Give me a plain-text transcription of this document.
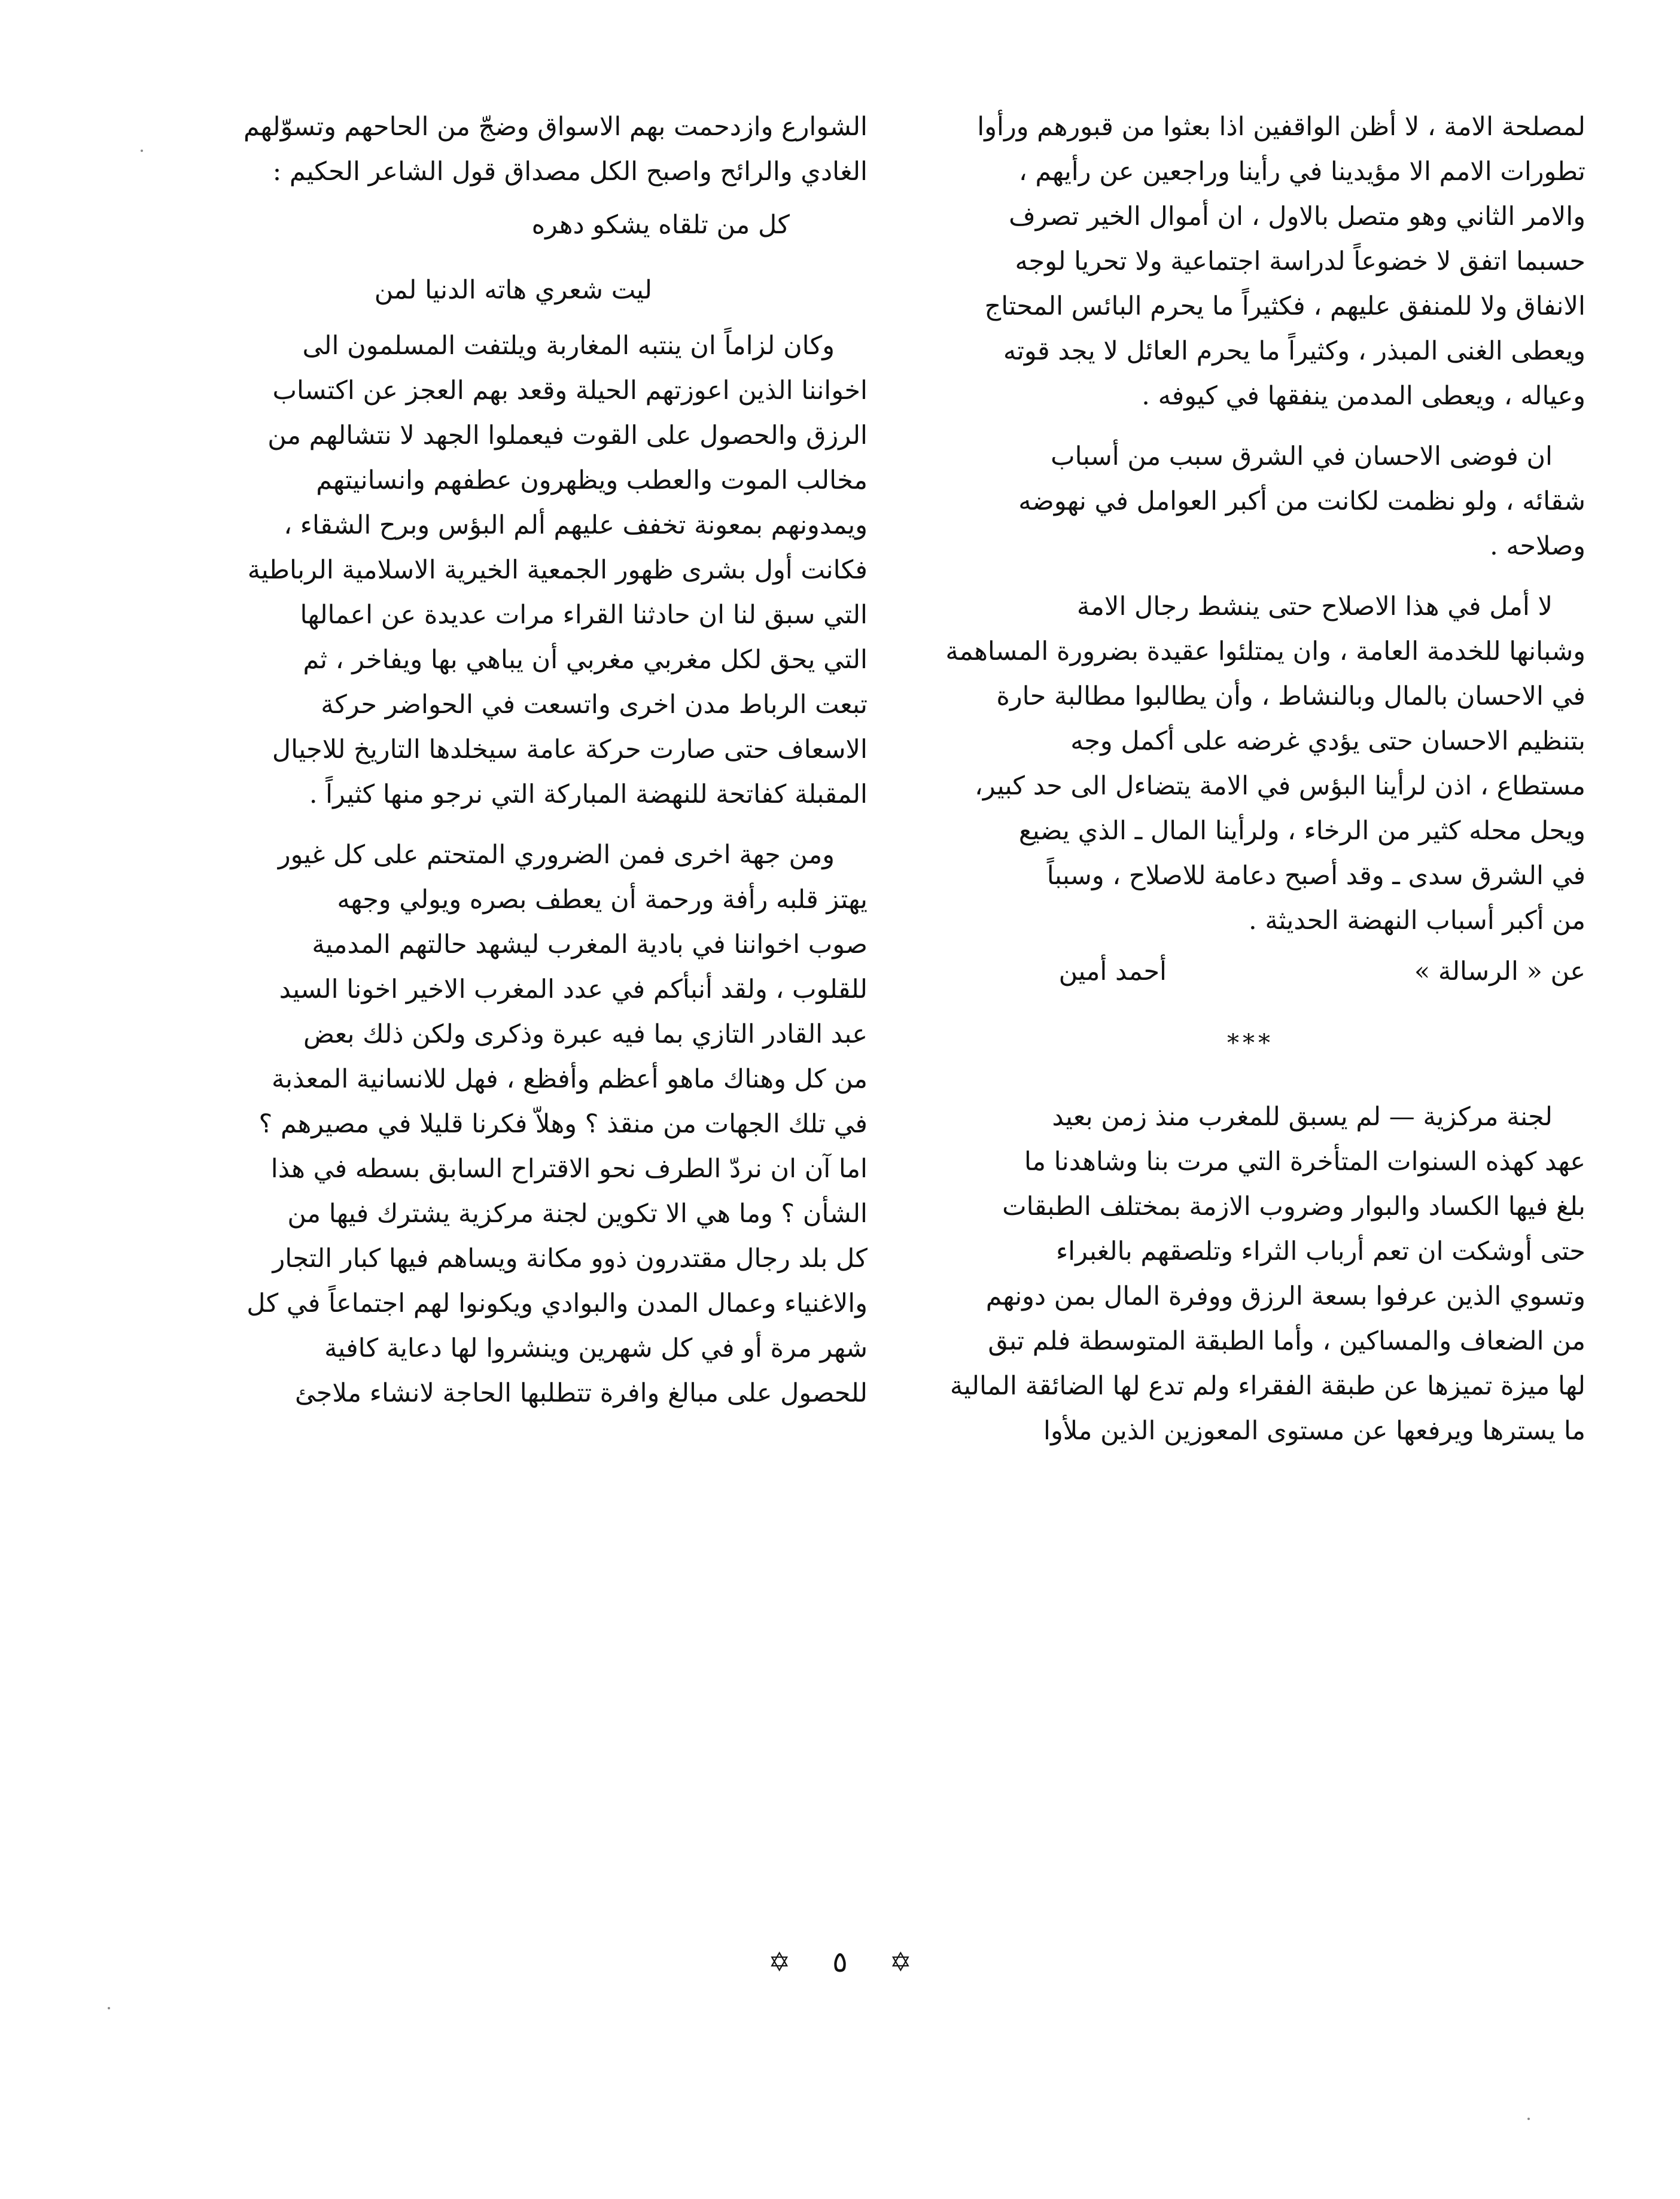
لمصلحة الامة ، لا أظن الواقفين اذا بعثوا من قبورهم ورأوا

تطورات الامم الا مؤيدينا في رأينا وراجعين عن رأيهم ،

والامر الثاني وهو متصل بالاول ، ان أموال الخير تصرف

حسبما اتفق لا خضوعاً لدراسة اجتماعية ولا تحريا لوجه

الانفاق ولا للمنفق عليهم ، فكثيراً ما يحرم البائس المحتاج

ويعطى الغنى المبذر ، وكثيراً ما يحرم العائل لا يجد قوته

وعياله ، ويعطى المدمن ينفقها في كيوفه .

ان فوضى الاحسان في الشرق سبب من أسباب

شقائه ، ولو نظمت لكانت من أكبر العوامل في نهوضه

وصلاحه .

لا أمل في هذا الاصلاح حتى ينشط رجال الامة

وشبانها للخدمة العامة ، وان يمتلئوا عقيدة بضرورة المساهمة

في الاحسان بالمال وبالنشاط ، وأن يطالبوا مطالبة حارة

بتنظيم الاحسان حتى يؤدي غرضه على أكمل وجه

مستطاع ، اذن لرأينا البؤس في الامة يتضاءل الى حد كبير،

ويحل محله كثير من الرخاء ، ولرأينا المال ـ الذي يضيع

في الشرق سدى ـ وقد أصبح دعامة للاصلاح ، وسبباً

من أكبر أسباب النهضة الحديثة .

عن « الرسالة »
أحمد أمين

***

لجنة مركزية — لم يسبق للمغرب منذ زمن بعيد

عهد كهذه السنوات المتأخرة التي مرت بنا وشاهدنا ما

بلغ فيها الكساد والبوار وضروب الازمة بمختلف الطبقات

حتى أوشكت ان تعم أرباب الثراء وتلصقهم بالغبراء

وتسوي الذين عرفوا بسعة الرزق ووفرة المال بمن دونهم

من الضعاف والمساكين ، وأما الطبقة المتوسطة فلم تبق

لها ميزة تميزها عن طبقة الفقراء ولم تدع لها الضائقة المالية

ما يسترها ويرفعها عن مستوى المعوزين الذين ملأوا

الشوارع وازدحمت بهم الاسواق وضجّ من الحاحهم وتسوّلهم

الغادي والرائح واصبح الكل مصداق قول الشاعر الحكيم :

كل من تلقاه يشكو دهره

ليت شعري هاته الدنيا لمن

وكان لزاماً ان ينتبه المغاربة ويلتفت المسلمون الى

اخواننا الذين اعوزتهم الحيلة وقعد بهم العجز عن اكتساب

الرزق والحصول على القوت فيعملوا الجهد لا نتشالهم من

مخالب الموت والعطب ويظهرون عطفهم وانسانيتهم

ويمدونهم بمعونة تخفف عليهم ألم البؤس وبرح الشقاء ،

فكانت أول بشرى ظهور الجمعية الخيرية الاسلامية الرباطية

التي سبق لنا ان حادثنا القراء مرات عديدة عن اعمالها

التي يحق لكل مغربي مغربي أن يباهي بها ويفاخر ، ثم

تبعت الرباط مدن اخرى واتسعت في الحواضر حركة

الاسعاف حتى صارت حركة عامة سيخلدها التاريخ للاجيال

المقبلة كفاتحة للنهضة المباركة التي نرجو منها كثيراً .

ومن جهة اخرى فمن الضروري المتحتم على كل غيور

يهتز قلبه رأفة ورحمة أن يعطف بصره ويولي وجهه

صوب اخواننا في بادية المغرب ليشهد حالتهم المدمية

للقلوب ، ولقد أنبأكم في عدد المغرب الاخير اخونا السيد

عبد القادر التازي بما فيه عبرة وذكرى ولكن ذلك بعض

من كل وهناك ماهو أعظم وأفظع ، فهل للانسانية المعذبة

في تلك الجهات من منقذ ؟ وهلاّ فكرنا قليلا في مصيرهم ؟

اما آن ان نردّ الطرف نحو الاقتراح السابق بسطه في هذا

الشأن ؟ وما هي الا تكوين لجنة مركزية يشترك فيها من

كل بلد رجال مقتدرون ذوو مكانة ويساهم فيها كبار التجار

والاغنياء وعمال المدن والبوادي ويكونوا لهم اجتماعاً في كل

شهر مرة أو في كل شهرين وينشروا لها دعاية كافية

للحصول على مبالغ وافرة تتطلبها الحاجة لانشاء ملاجئ

✡ ٥ ✡
